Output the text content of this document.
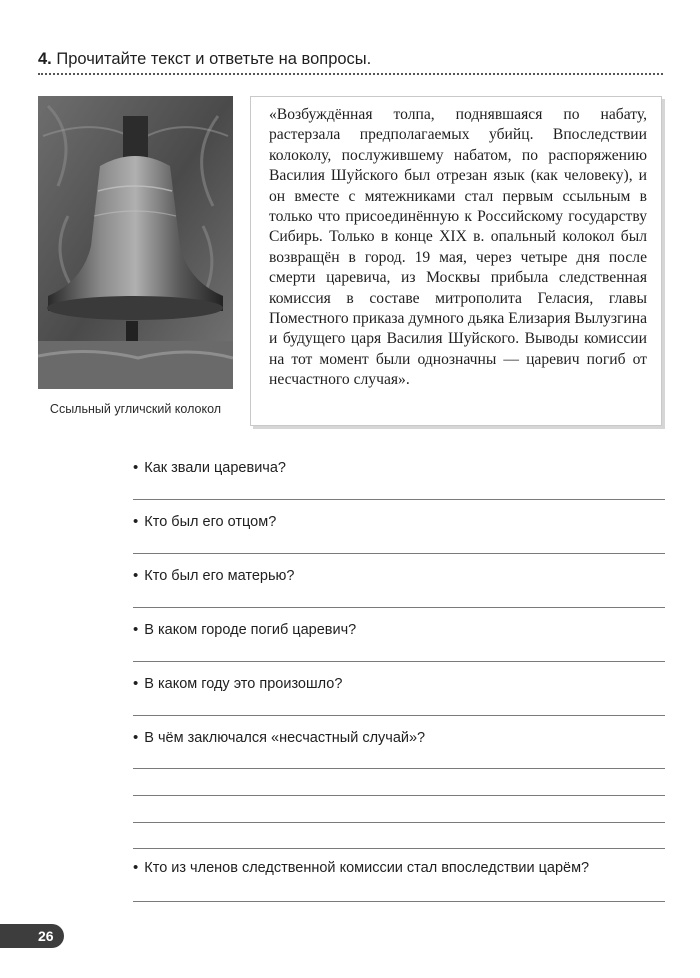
4. Прочитайте текст и ответьте на вопросы.
Ссыльный угличский колокол
«Возбуждённая толпа, поднявшаяся по набату, растерзала предполагаемых убийц. Впоследствии колоколу, послужившему набатом, по распоряжению Василия Шуйского был отрезан язык (как человеку), и он вместе с мятежниками стал первым ссыльным в только что присоединённую к Российскому государству Сибирь. Только в конце XIX в. опальный колокол был возвращён в город. 19 мая, через четыре дня после смерти царевича, из Москвы прибыла следственная комиссия в составе митрополита Геласия, главы Поместного приказа думного дьяка Елизария Вылузгина и будущего царя Василия Шуйского. Выводы комиссии на тот момент были однозначны — царевич погиб от несчастного случая».
• Как звали царевича?
• Кто был его отцом?
• Кто был его матерью?
• В каком городе погиб царевич?
• В каком году это произошло?
• В чём заключался «несчастный случай»?
• Кто из членов следственной комиссии стал впоследствии царём?
26
